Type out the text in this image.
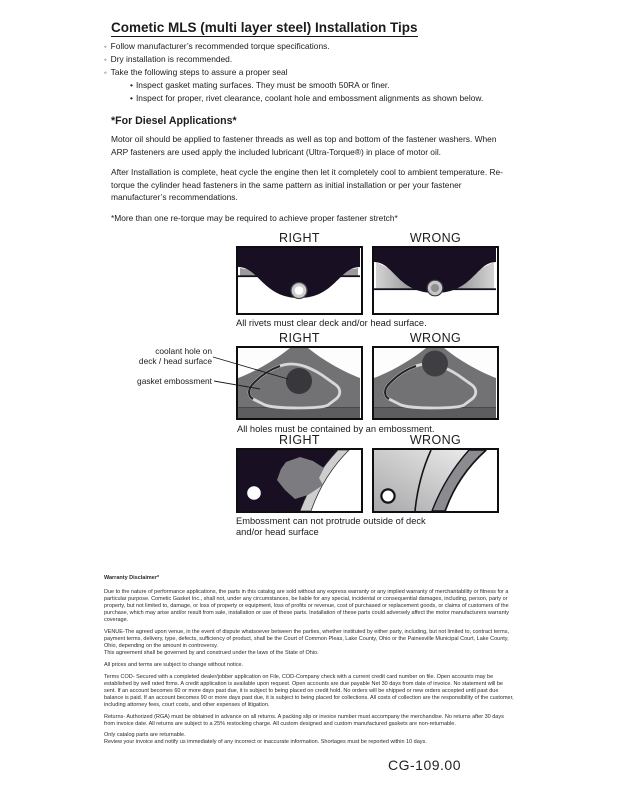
Cometic MLS (multi layer steel) Installation Tips
◦ Follow manufacturer’s recommended torque specifications.
◦ Dry installation is recommended.
◦ Take the following steps to assure a proper seal
• Inspect gasket mating surfaces. They must be smooth 50RA or finer.
• Inspect for proper, rivet clearance, coolant hole and embossment alignments as shown below.
*For Diesel Applications*

Motor oil should be applied to fastener threads as well as top and bottom of the fastener washers. When ARP fasteners are used apply the included lubricant (Ultra-Torque®) in place of motor oil.

After Installation is complete, heat cycle the engine then let it completely cool to ambient temperature. Re-torque the cylinder head fasteners in the same pattern as initial installation or per your fastener manufacturer’s recommendations.

*More than one re-torque may be required to achieve proper fastener stretch*

RIGHT	WRONG
All rivets must clear deck and/or head surface.
RIGHT	WRONG
coolant hole on
deck / head surface
gasket embossment
All holes must be contained by an embossment.
RIGHT	WRONG
Embossment can not protrude outside of deck
and/or head surface
Warranty Disclaimer*

Due to the nature of performance applications, the parts in this catalog are sold without any express warranty or any implied warranty of merchantability or fitness for a particular purpose. Cometic Gasket Inc., shall not, under any circumstances, be liable for any special, incidental or consequential damages, including, person, party or property, but not limited to, damage, or loss of property or equipment, loss of profits or revenue, cost of purchased or replacement goods, or claims of customers of the purchase, which may arise and/or result from sale, installation or use of these parts. Installation of these parts could adversely affect the motor manufacturers warranty coverage.

VENUE-The agreed upon venue, in the event of dispute whatsoever between the parties, whether instituted by either party, including, but not limited to, contract terms, payment terms, delivery, type, defects, sufficiency of product, shall be the Court of Common Pleas, Lake County, Ohio or the Painesville Municipal Court, Lake County, Ohio, depending on the amount in controversy.

This agreement shall be governed by and construed under the laws of the State of Ohio.

All prices and terms are subject to change without notice.

Terms COD- Secured with a completed dealer/jobber application on File, COD-Company check with a current credit card number on file. Open accounts may be established by well rated firms. A credit application is available upon request. Open accounts are due payable Net 30 days from date of invoice. No statement will be sent. If an account becomes 60 or more days past due, it is subject to being placed on credit hold. No orders will be shipped or new orders accepted until past due balance is paid. If an account becomes 90 or more days past due, it is subject to being placed for collections. All costs of collection are the responsibility of the customer, including attorney fees, court costs, and other expenses of litigation.

Returns- Authorized (RGA) must be obtained in advance on all returns. A packing slip or invoice number must accompany the merchandise. No returns after 30 days from invoice date. All returns are subject to a 25% restocking charge. All custom designed and custom manufactured gaskets are non-returnable.

Only catalog parts are returnable.

Review your invoice and notify us immediately of any incorrect or inaccurate information. Shortages must be reported within 10 days.

CG-109.00
